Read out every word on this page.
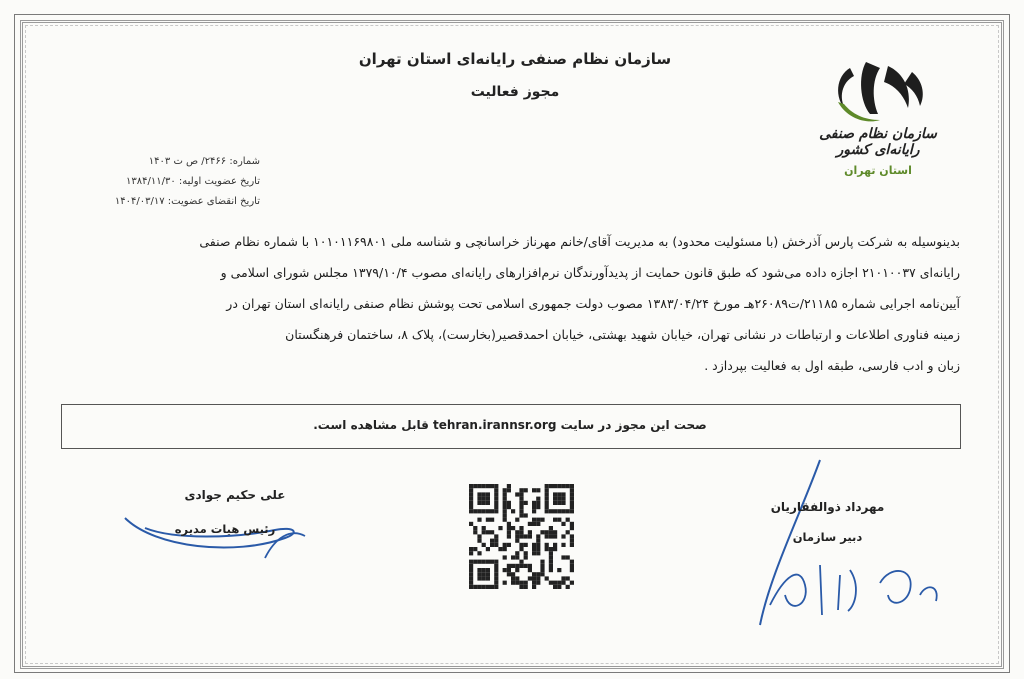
سازمان نظام صنفی رایانه‌ای استان تهران
مجوز فعالیت
سازمان نظام صنفی رایانه‌ای کشور
استان تهران
شماره: ۲۴۶۶/ ص ت ۱۴۰۳
تاریخ عضویت اولیه: ۱۳۸۴/۱۱/۳۰
تاریخ انقضای عضویت: ۱۴۰۴/۰۳/۱۷
بدینوسیله به شرکت پارس آذرخش (با مسئولیت محدود) به مدیریت آقای/خانم مهرناز خراسانچی و شناسه ملی ۱۰۱۰۱۱۶۹۸۰۱ با شماره نظام صنفی
رایانه‌ای ۲۱۰۱۰۰۳۷ اجازه داده می‌شود که طبق قانون حمایت از پدیدآورندگان نرم‌افزارهای رایانه‌ای مصوب ۱۳۷۹/۱۰/۴ مجلس شورای اسلامی و
آیین‌نامه اجرایی شماره ۲۱۱۸۵/ت۲۶۰۸۹هـ مورخ ۱۳۸۳/۰۴/۲۴ مصوب دولت جمهوری اسلامی تحت پوشش نظام صنفی رایانه‌ای استان تهران در
زمینه فناوری اطلاعات و ارتباطات در نشانی تهران، خیابان شهید بهشتی، خیابان احمدقصیر(بخارست)، پلاک ۸، ساختمان فرهنگستان
زبان و ادب فارسی، طبقه اول به فعالیت بپردازد .
صحت این مجوز در سایت tehran.irannsr.org قابل مشاهده است.
علی حکیم جوادی
رئیس هیات مدیره
مهرداد ذوالفقاریان
دبیر سازمان
